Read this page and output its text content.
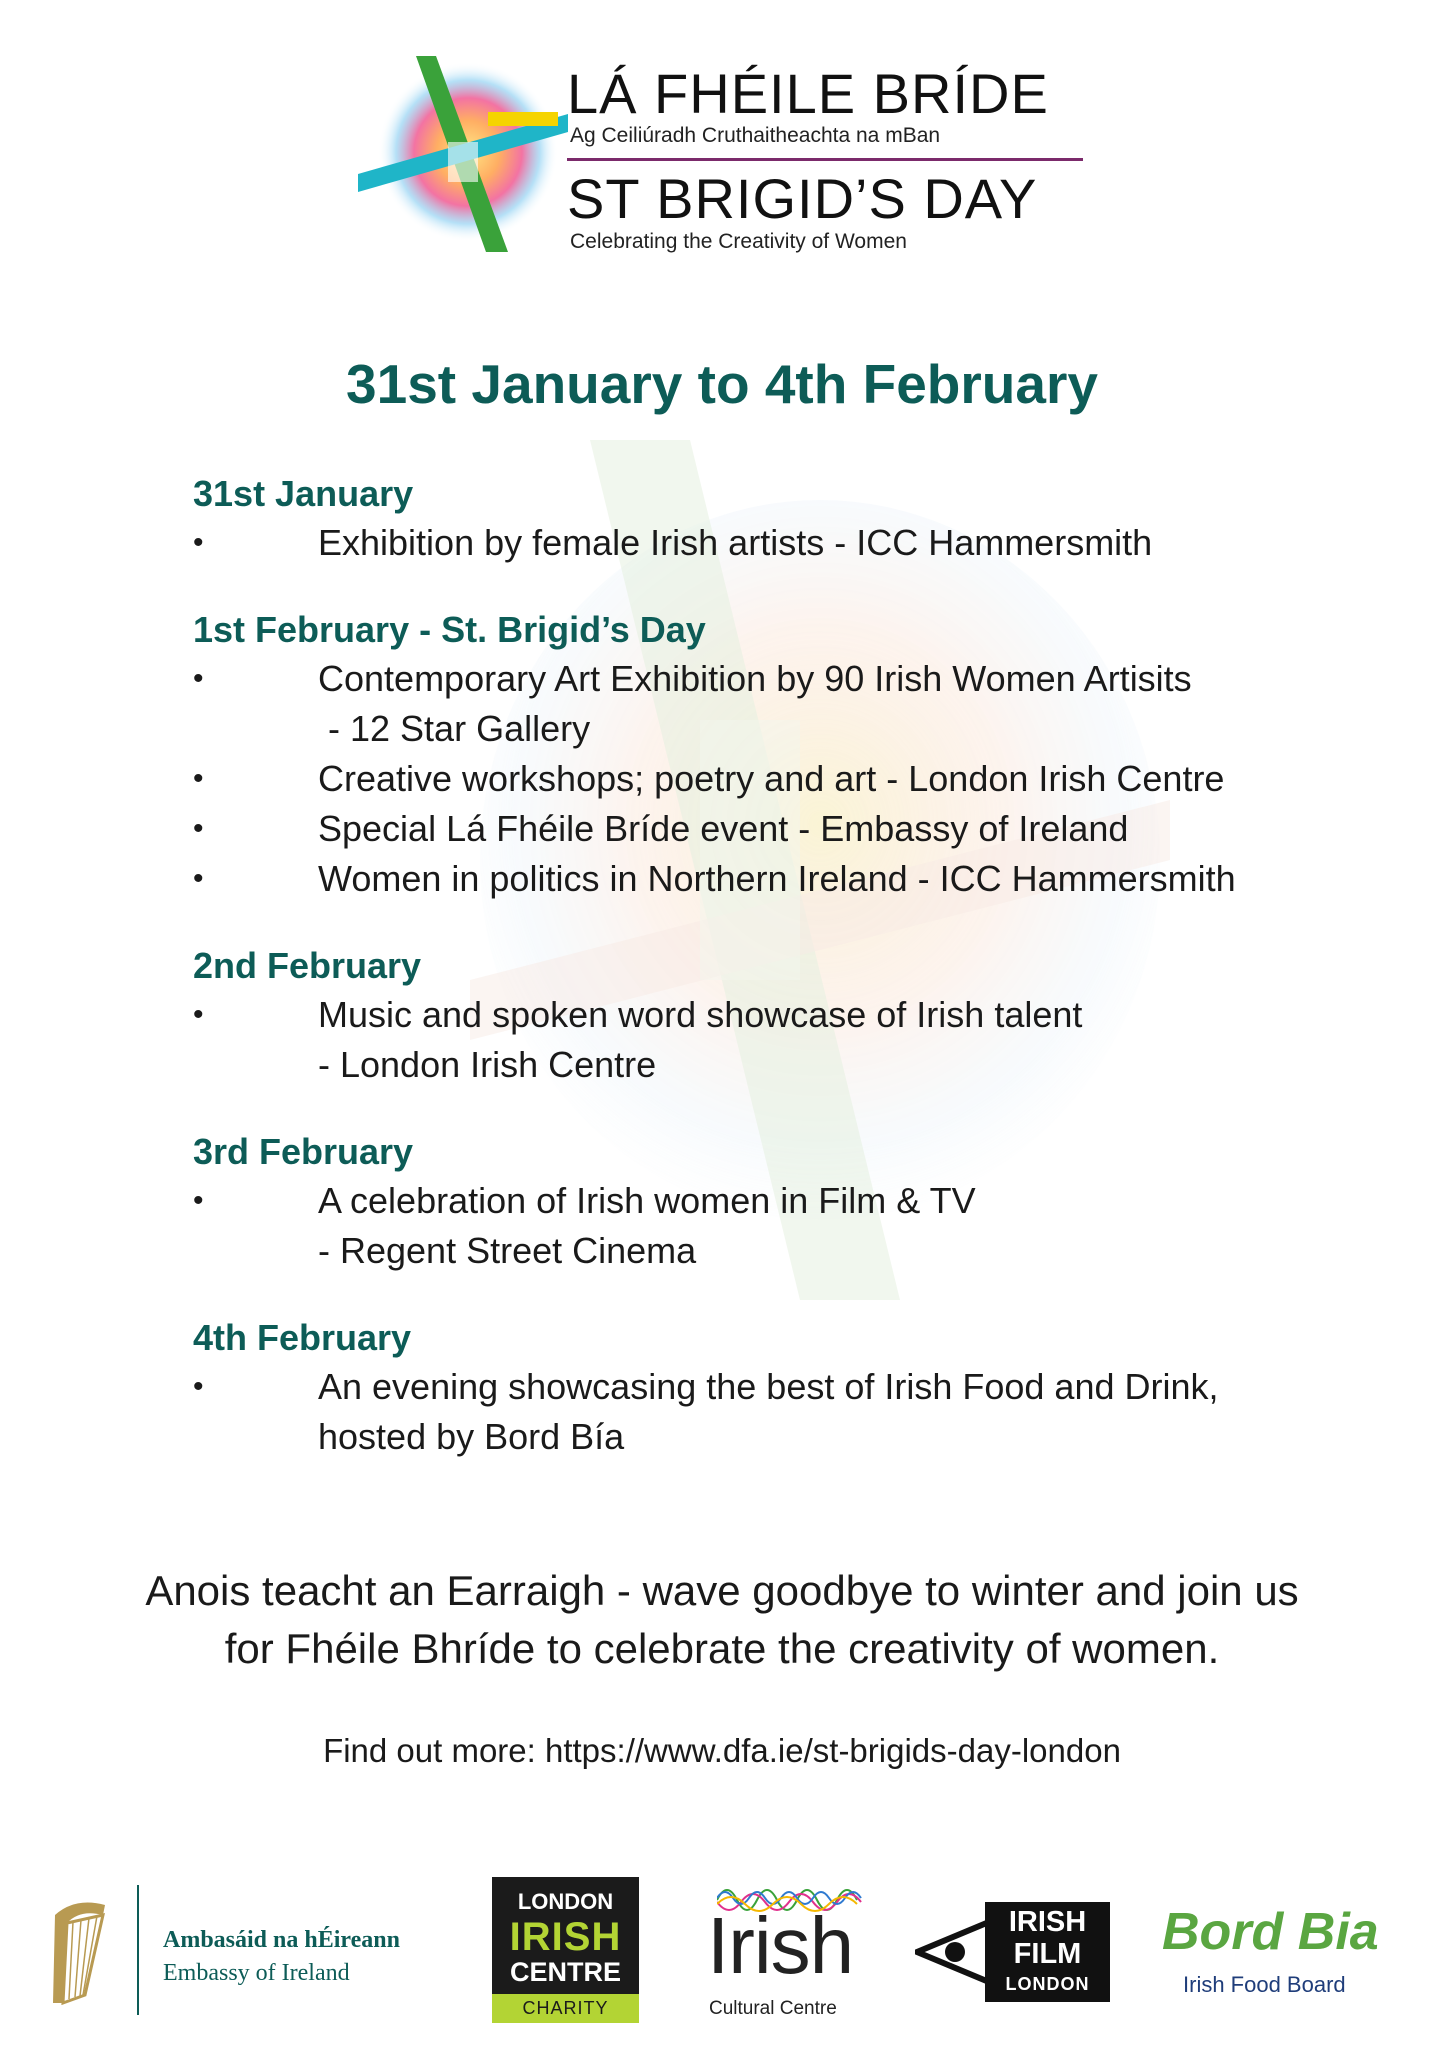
LÁ FHÉILE BRÍDE
Ag Ceiliúradh Cruthaitheachta na mBan
ST BRIGID’S DAY
Celebrating the Creativity of Women
31st January to 4th February
31st January
•	Exhibition by female Irish artists - ICC Hammersmith
1st February - St. Brigid’s Day
•	Contemporary Art Exhibition by 90 Irish Women Artisits
- 12 Star Gallery
•	Creative workshops; poetry and art - London Irish Centre
•	Special Lá Fhéile Bríde event - Embassy of Ireland
•	Women in politics in Northern Ireland - ICC Hammersmith
2nd February
•	Music and spoken word showcase of Irish talent
- London Irish Centre
3rd February
•	A celebration of Irish women in Film & TV
- Regent Street Cinema
4th February
•	An evening showcasing the best of Irish Food and Drink,
hosted by Bord Bía
Anois teacht an Earraigh - wave goodbye to winter and join us
for Fhéile Bhríde to celebrate the creativity of women.
Find out more: https://www.dfa.ie/st-brigids-day-london
Ambasáid na hÉireann
Embassy of Ireland
LONDON
IRISH
CENTRE
CHARITY
Irish
Cultural Centre
IRISH
FILM
LONDON
Bord Bia
Irish Food Board
